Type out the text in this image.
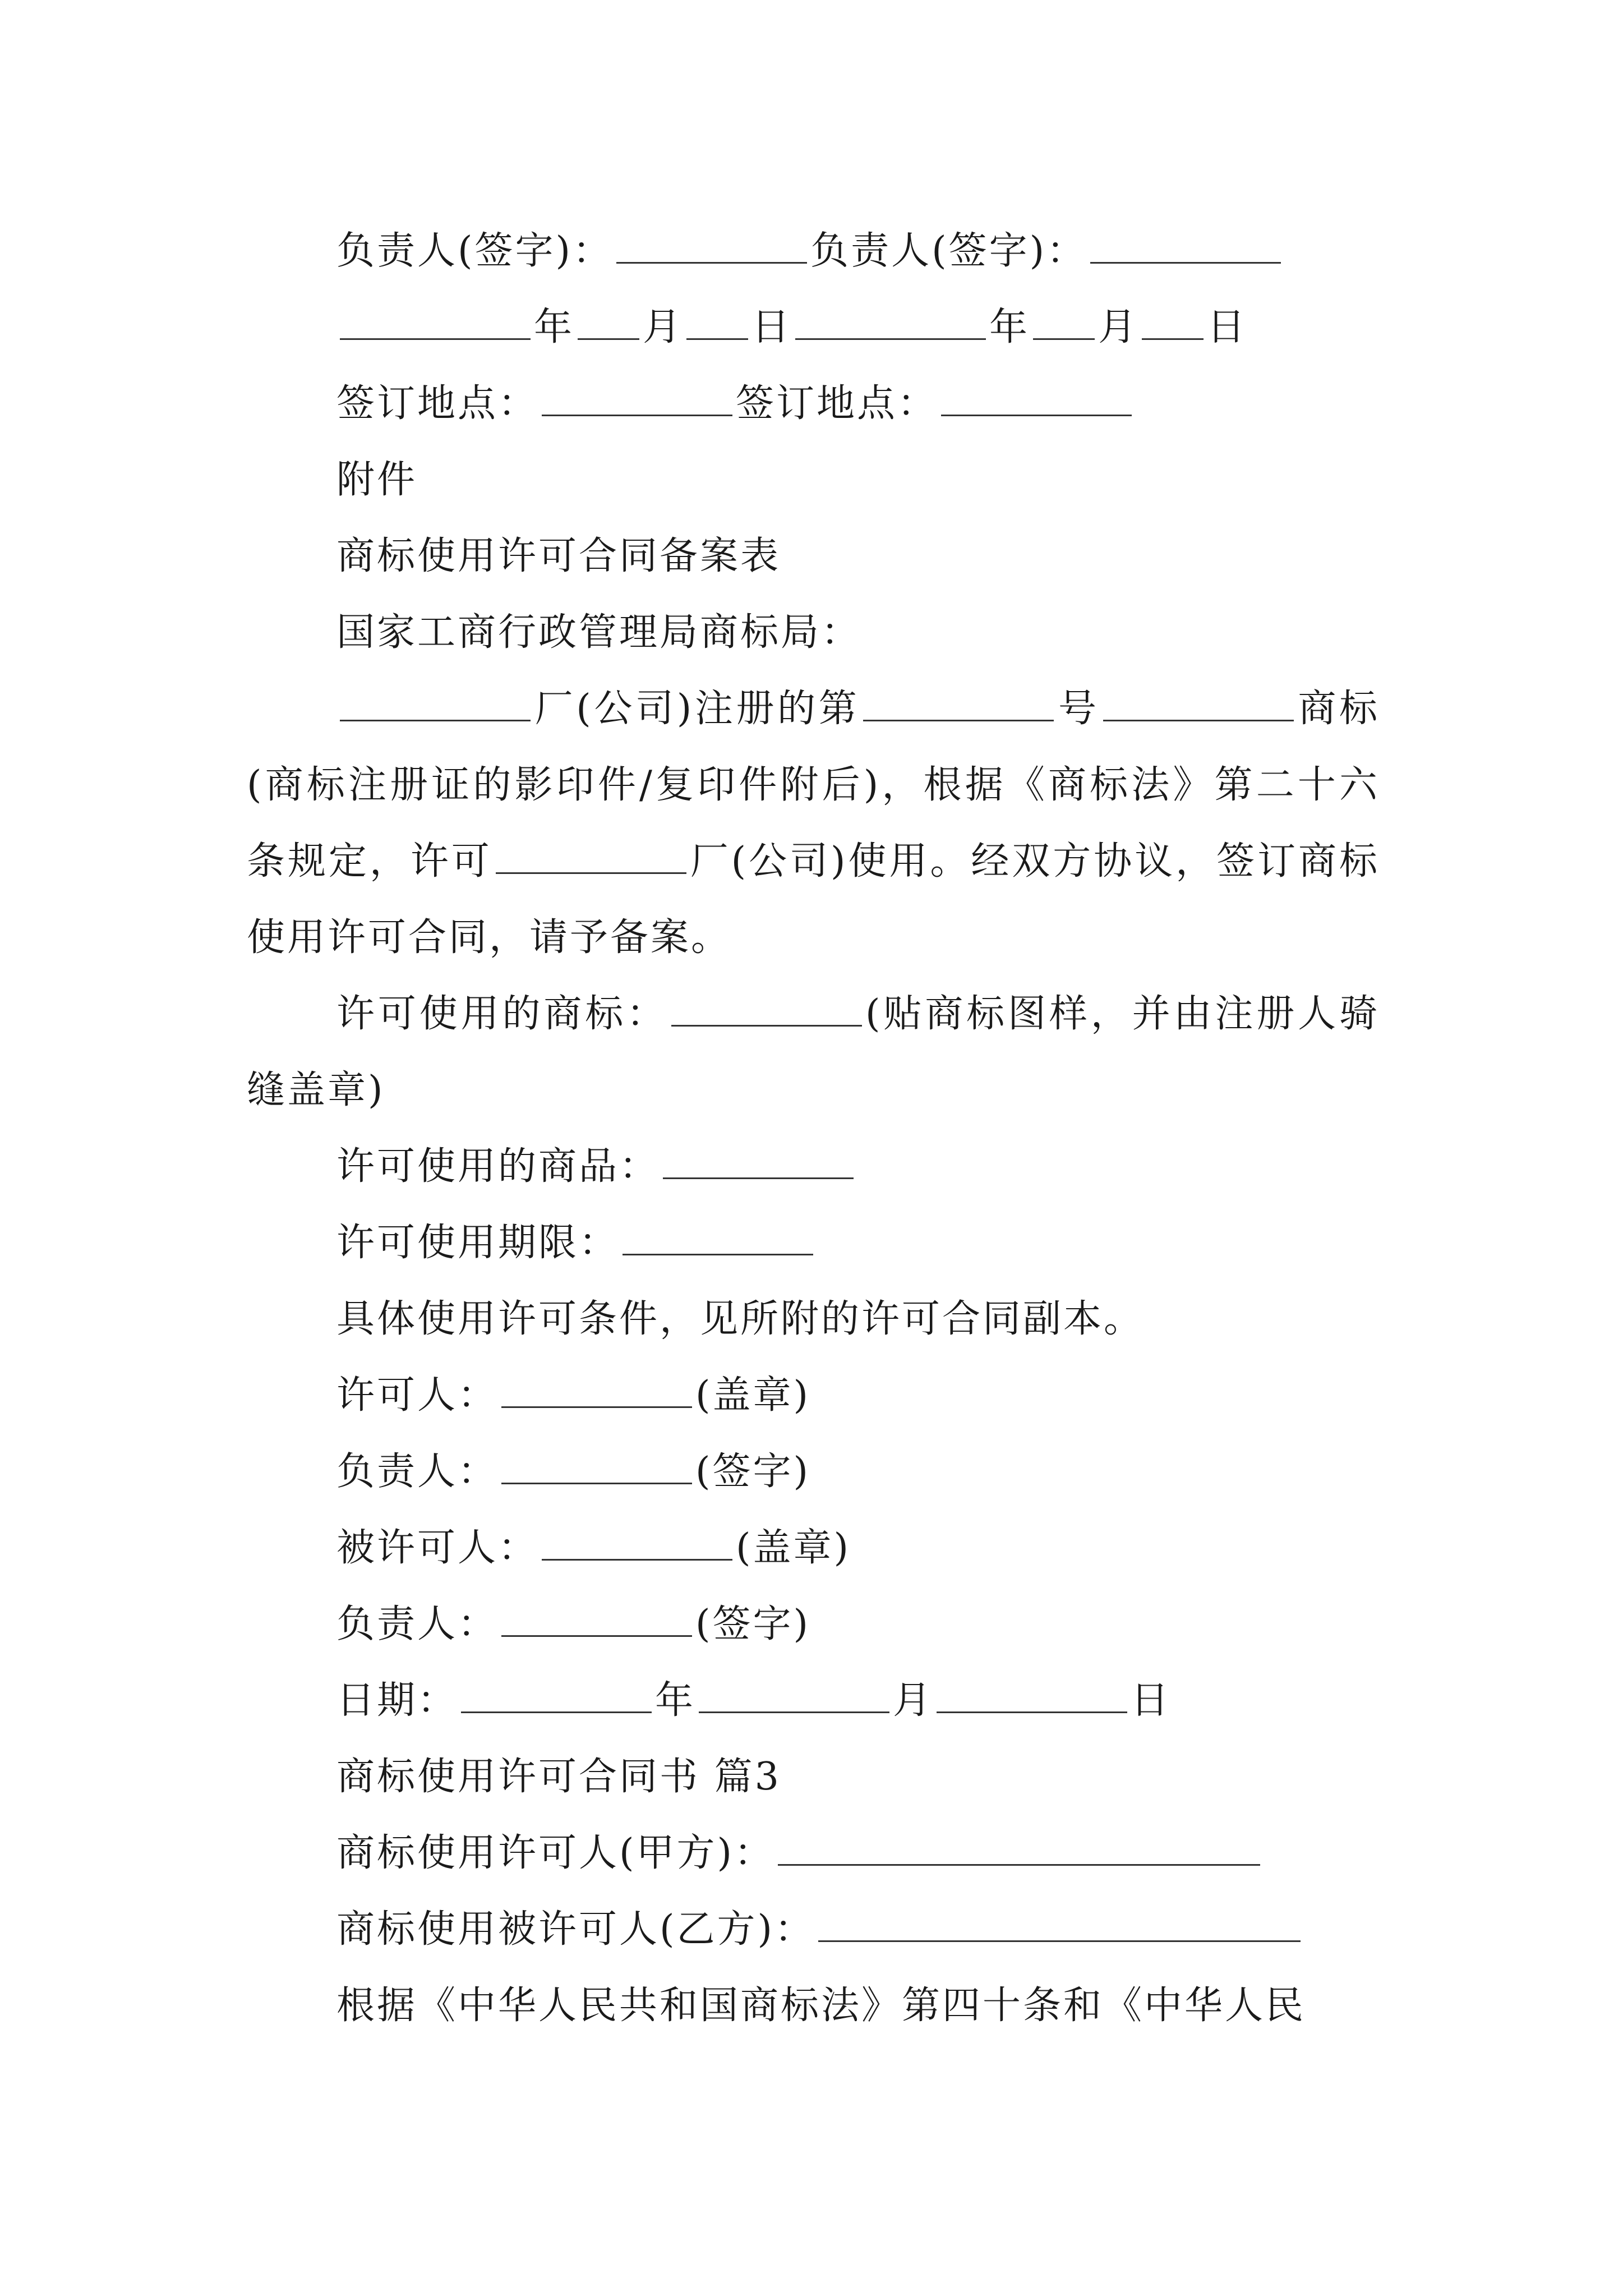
负责人(签字)：	负责人(签字)：
年 月 日	年 月 日
签订地点：	签订地点：
附件
商标使用许可合同备案表
国家工商行政管理局商标局：
厂(公司)注册的第	号	商标(商标注册证的影印件/复印件附后)，根据《商标法》第二十六条规定，许可	厂(公司)使用。经双方协议，签订商标使用许可合同，请予备案。
许可使用的商标：	(贴商标图样，并由注册人骑缝盖章)
许可使用的商品：
许可使用期限：
具体使用许可条件，见所附的许可合同副本。
许可人：	(盖章)
负责人：	(签字)
被许可人：	(盖章)
负责人：	(签字)
日期：	年	月	日
商标使用许可合同书 篇3
商标使用许可人(甲方)：
商标使用被许可人(乙方)：
根据《中华人民共和国商标法》第四十条和《中华人民
